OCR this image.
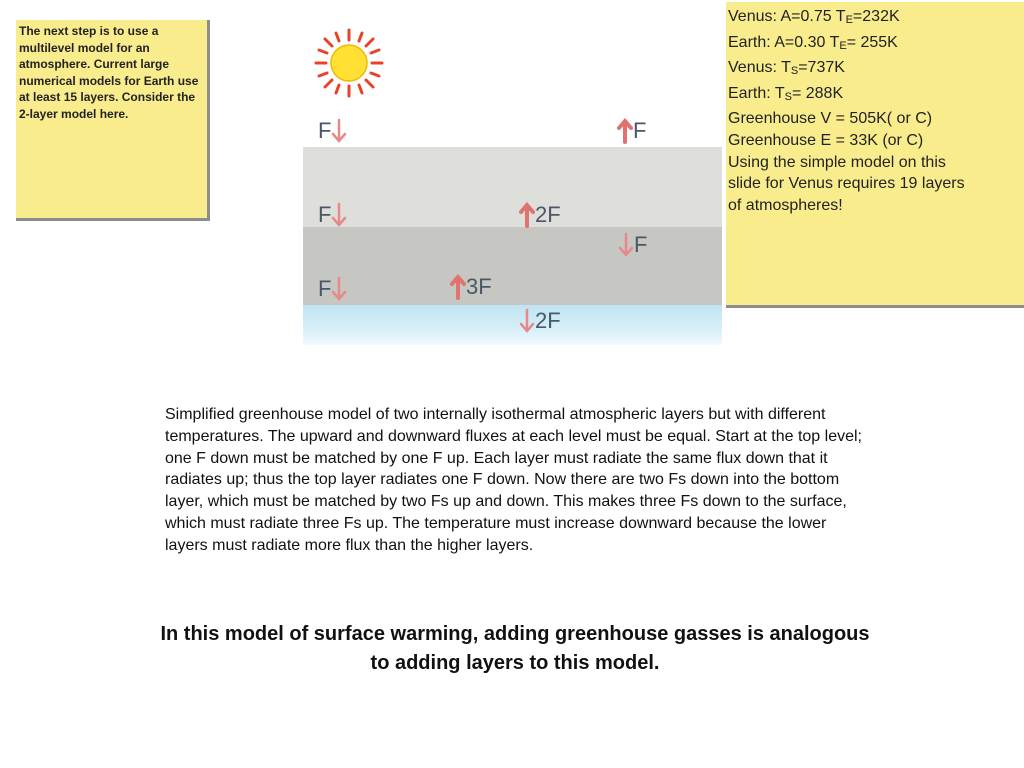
The next step is to use a multilevel model for an atmosphere. Current large numerical models for Earth use at least 15 layers. Consider the 2-layer model here.
Venus: A=0.75 $T_E=232K$
Earth: A=0.30 $T_E= 255K$
Venus: $T_S=737K$
Earth: $T_S= 288K$
Greenhouse V = 505K( or C)
Greenhouse E = 33K (or C)
Using the simple model on this
slide for Venus requires 19 layers
of atmospheres!
F	F
F	2F
F
F	3F
2F
Simplified greenhouse model of two internally isothermal atmospheric layers but with different temperatures. The upward and downward fluxes at each level must be equal. Start at the top level; one F down must be matched by one F up. Each layer must radiate the same flux down that it radiates up; thus the top layer radiates one F down. Now there are two Fs down into the bottom layer, which must be matched by two Fs up and down. This makes three Fs down to the surface, which must radiate three Fs up. The temperature must increase downward because the lower layers must radiate more flux than the higher layers.
In this model of surface warming, adding greenhouse gasses is analogous to adding layers to this model.
